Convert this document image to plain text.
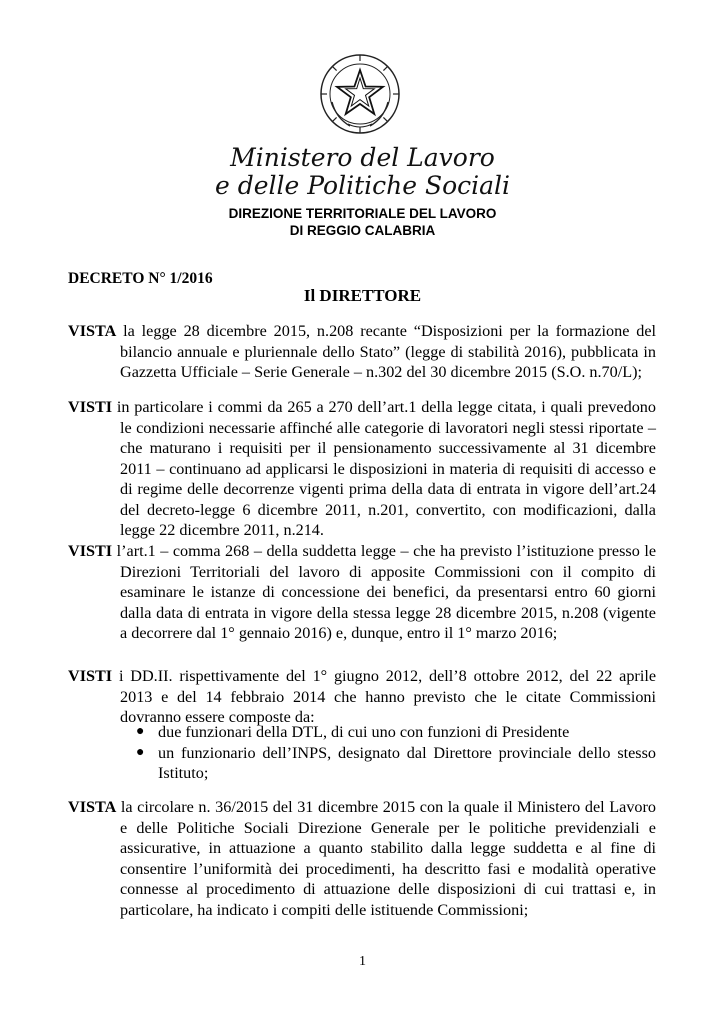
Ministero del Lavoro
e delle Politiche Sociali
DIREZIONE TERRITORIALE DEL LAVORO
DI REGGIO CALABRIA
DECRETO N° 1/2016
Il DIRETTORE
VISTA la legge 28 dicembre 2015, n.208 recante “Disposizioni per la formazione del bilancio annuale e pluriennale dello Stato” (legge di stabilità 2016), pubblicata in Gazzetta Ufficiale – Serie Generale – n.302 del 30 dicembre 2015 (S.O. n.70/L);
VISTI in particolare i commi da 265 a 270 dell’art.1 della legge citata, i quali prevedono le condizioni necessarie affinché alle categorie di lavoratori negli stessi riportate – che maturano i requisiti per il pensionamento successivamente al 31 dicembre 2011 – continuano ad applicarsi le disposizioni in materia di requisiti di accesso e di regime delle decorrenze vigenti prima della data di entrata in vigore dell’art.24 del decreto-legge 6 dicembre 2011, n.201, convertito, con modificazioni, dalla legge 22 dicembre 2011, n.214.
VISTI l’art.1 – comma 268 – della suddetta legge – che ha previsto l’istituzione presso le Direzioni Territoriali del lavoro di apposite Commissioni con il compito di esaminare le istanze di concessione dei benefici, da presentarsi entro 60 giorni dalla data di entrata in vigore della stessa legge 28 dicembre 2015, n.208 (vigente a decorrere dal 1° gennaio 2016) e, dunque, entro il 1° marzo 2016;
VISTI i DD.II. rispettivamente del 1° giugno 2012, dell’8 ottobre 2012, del 22 aprile 2013 e del 14 febbraio 2014 che hanno previsto che le citate Commissioni dovranno essere composte da:
● due funzionari della DTL, di cui uno con funzioni di Presidente
● un funzionario dell’INPS, designato dal Direttore provinciale dello stesso Istituto;
VISTA la circolare n. 36/2015 del 31 dicembre 2015 con la quale il Ministero del Lavoro e delle Politiche Sociali Direzione Generale per le politiche previdenziali e assicurative, in attuazione a quanto stabilito dalla legge suddetta e al fine di consentire l’uniformità dei procedimenti, ha descritto fasi e modalità operative connesse al procedimento di attuazione delle disposizioni di cui trattasi e, in particolare, ha indicato i compiti delle istituende Commissioni;
1
